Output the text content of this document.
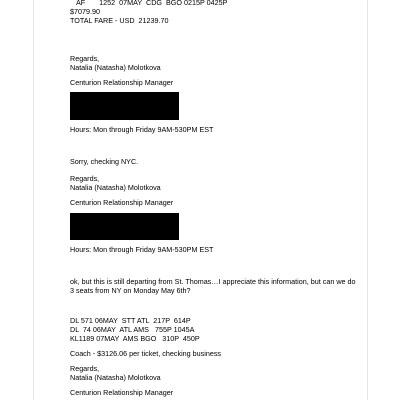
AF       1252  07MAY  CDG  BGO 0215P 0425P
$7079.90
TOTAL FARE - USD  21239.70
Regards,
Natalia (Natasha) Molotkova
Centurion Relationship Manager
Hours: Mon through Friday 9AM-530PM EST
Sorry, checking NYC.
Regards,
Natalia (Natasha) Molotkova
Centurion Relationship Manager
Hours: Mon through Friday 9AM-530PM EST
ok, but this is still departing from St. Thomas…I appreciate this information, but can we do 3 seats from NY on Monday May 6th?
DL 571 06MAY  STT ATL  217P  614P
DL  74 06MAY  ATL AMS   755P 1045A
KL1189 07MAY  AMS BGO   310P  450P
Coach - $3126.06 per ticket, checking business
Regards,
Natalia (Natasha) Molotkova
Centurion Relationship Manager
